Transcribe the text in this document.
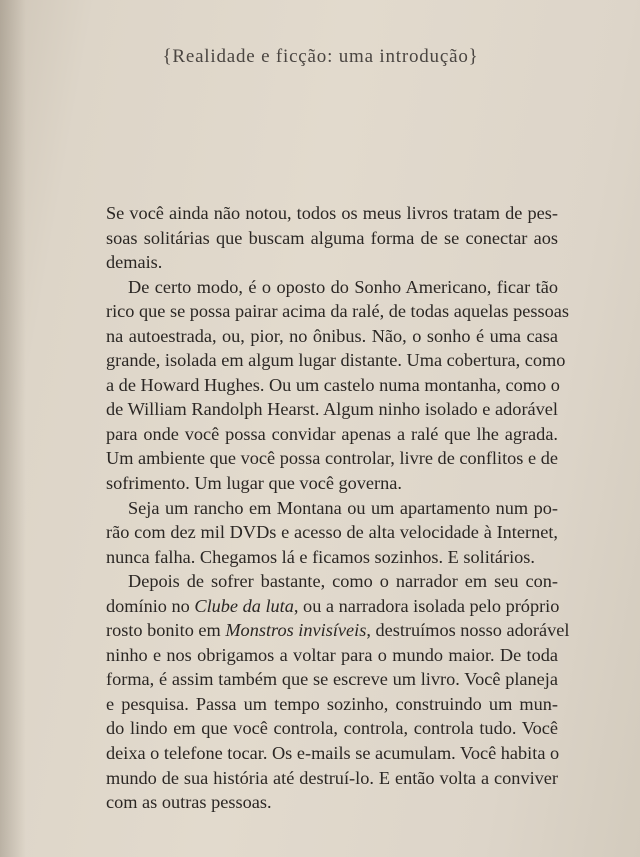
{Realidade e ficção: uma introdução}
Se você ainda não notou, todos os meus livros tratam de pes-
soas solitárias que buscam alguma forma de se conectar aos
demais.
De certo modo, é o oposto do Sonho Americano, ficar tão
rico que se possa pairar acima da ralé, de todas aquelas pessoas
na autoestrada, ou, pior, no ônibus. Não, o sonho é uma casa
grande, isolada em algum lugar distante. Uma cobertura, como
a de Howard Hughes. Ou um castelo numa montanha, como o
de William Randolph Hearst. Algum ninho isolado e adorável
para onde você possa convidar apenas a ralé que lhe agrada.
Um ambiente que você possa controlar, livre de conflitos e de
sofrimento. Um lugar que você governa.
Seja um rancho em Montana ou um apartamento num po-
rão com dez mil DVDs e acesso de alta velocidade à Internet,
nunca falha. Chegamos lá e ficamos sozinhos. E solitários.
Depois de sofrer bastante, como o narrador em seu con-
domínio no Clube da luta, ou a narradora isolada pelo próprio
rosto bonito em Monstros invisíveis, destruímos nosso adorável
ninho e nos obrigamos a voltar para o mundo maior. De toda
forma, é assim também que se escreve um livro. Você planeja
e pesquisa. Passa um tempo sozinho, construindo um mun-
do lindo em que você controla, controla, controla tudo. Você
deixa o telefone tocar. Os e-mails se acumulam. Você habita o
mundo de sua história até destruí-lo. E então volta a conviver
com as outras pessoas.
